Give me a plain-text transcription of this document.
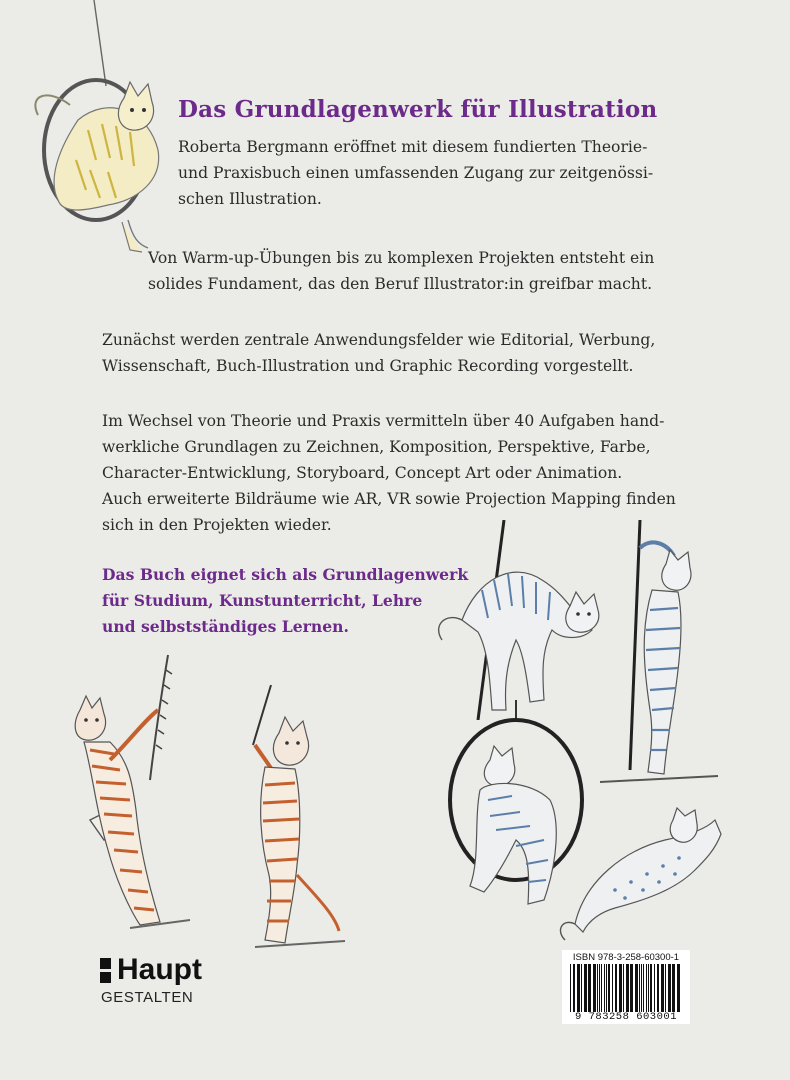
Das Grundlagenwerk für Illustration
Roberta Bergmann eröffnet mit diesem fundierten Theorie-
und Praxisbuch einen umfassenden Zugang zur zeitgenössi-
schen Illustration.
Von Warm-up-Übungen bis zu komplexen Projekten entsteht ein
solides Fundament, das den Beruf Illustrator:in greifbar macht.
Zunächst werden zentrale Anwendungsfelder wie Editorial, Werbung,
Wissenschaft, Buch-Illustration und Graphic Recording vorgestellt.
Im Wechsel von Theorie und Praxis vermitteln über 40 Aufgaben hand-
werkliche Grundlagen zu Zeichnen, Komposition, Perspektive, Farbe,
Character-Entwicklung, Storyboard, Concept Art oder Animation.
Auch erweiterte Bildräume wie AR, VR sowie Projection Mapping finden
sich in den Projekten wieder.
Das Buch eignet sich als Grundlagenwerk
für Studium, Kunstunterricht, Lehre
und selbstständiges Lernen.
Haupt
GESTALTEN
ISBN 978-3-258-60300-1
9 783258 603001
